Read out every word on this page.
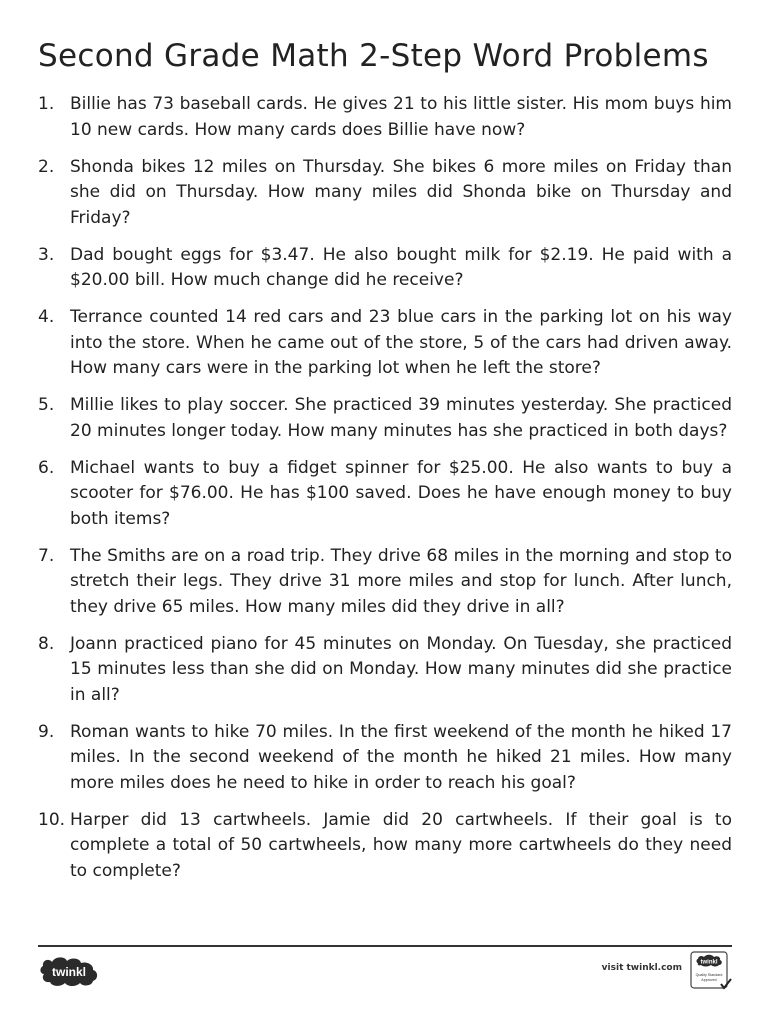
Second Grade Math 2-Step Word Problems
1. Billie has 73 baseball cards. He gives 21 to his little sister. His mom buys him 10 new cards. How many cards does Billie have now?
2. Shonda bikes 12 miles on Thursday. She bikes 6 more miles on Friday than she did on Thursday. How many miles did Shonda bike on Thursday and Friday?
3. Dad bought eggs for $3.47. He also bought milk for $2.19. He paid with a $20.00 bill. How much change did he receive?
4. Terrance counted 14 red cars and 23 blue cars in the parking lot on his way into the store. When he came out of the store, 5 of the cars had driven away. How many cars were in the parking lot when he left the store?
5. Millie likes to play soccer. She practiced 39 minutes yesterday. She practiced 20 minutes longer today. How many minutes has she practiced in both days?
6. Michael wants to buy a fidget spinner for $25.00. He also wants to buy a scooter for $76.00. He has $100 saved. Does he have enough money to buy both items?
7. The Smiths are on a road trip. They drive 68 miles in the morning and stop to stretch their legs. They drive 31 more miles and stop for lunch. After lunch, they drive 65 miles. How many miles did they drive in all?
8. Joann practiced piano for 45 minutes on Monday. On Tuesday, she practiced 15 minutes less than she did on Monday. How many minutes did she practice in all?
9. Roman wants to hike 70 miles. In the first weekend of the month he hiked 17 miles. In the second weekend of the month he hiked 21 miles. How many more miles does he need to hike in order to reach his goal?
10. Harper did 13 cartwheels. Jamie did 20 cartwheels. If their goal is to complete a total of 50 cartwheels, how many more cartwheels do they need to complete?
twinkl	visit twinkl.com
twinkl
Quality Standard
Approved
